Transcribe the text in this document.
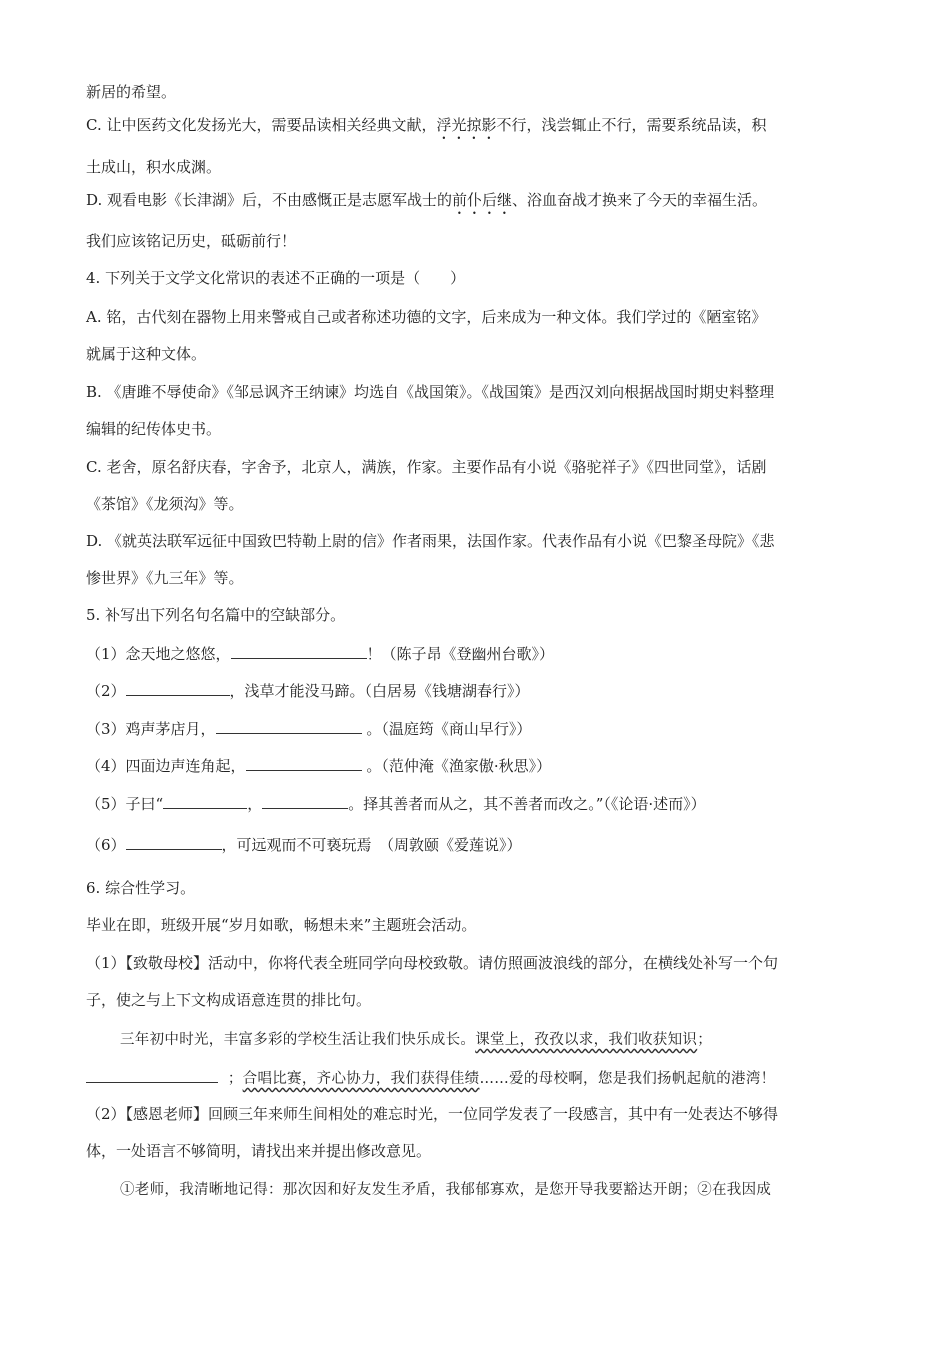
新居的希望。
C. 让中医药文化发扬光大，需要品读相关经典文献，浮光掠影不行，浅尝辄止不行，需要系统品读，积
土成山，积水成渊。
D. 观看电影《长津湖》后，不由感慨正是志愿军战士的前仆后继、浴血奋战才换来了今天的幸福生活。
我们应该铭记历史，砥砺前行！
4. 下列关于文学文化常识的表述不正确的一项是（　　）
A. 铭，古代刻在器物上用来警戒自己或者称述功德的文字，后来成为一种文体。我们学过的《陋室铭》
就属于这种文体。
B. 《唐雎不辱使命》《邹忌讽齐王纳谏》均选自《战国策》。《战国策》是西汉刘向根据战国时期史料整理
编辑的纪传体史书。
C. 老舍，原名舒庆春，字舍予，北京人，满族，作家。主要作品有小说《骆驼祥子》《四世同堂》，话剧
《茶馆》《龙须沟》等。
D. 《就英法联军远征中国致巴特勒上尉的信》作者雨果，法国作家。代表作品有小说《巴黎圣母院》《悲
惨世界》《九三年》等。
5. 补写出下列名句名篇中的空缺部分。
（1）念天地之悠悠，	！（陈子昂《登幽州台歌》）
（2）	，浅草才能没马蹄。（白居易《钱塘湖春行》）
（3）鸡声茅店月，	。（温庭筠《商山早行》）
（4）四面边声连角起，	。（范仲淹《渔家傲·秋思》）
（5）子曰“	，	。择其善者而从之，其不善者而改之。”（《论语·述而》）
（6）	，可远观而不可亵玩焉　（周敦颐《爱莲说》）
6. 综合性学习。
毕业在即，班级开展“岁月如歌，畅想未来”主题班会活动。
（1）【致敬母校】活动中，你将代表全班同学向母校致敬。请仿照画波浪线的部分，在横线处补写一个句
子，使之与上下文构成语意连贯的排比句。
三年初中时光，丰富多彩的学校生活让我们快乐成长。课堂上，孜孜以求，我们收获知识；
；合唱比赛，齐心协力，我们获得佳绩……爱的母校啊，您是我们扬帆起航的港湾！
（2）【感恩老师】回顾三年来师生间相处的难忘时光，一位同学发表了一段感言，其中有一处表达不够得
体，一处语言不够简明，请找出来并提出修改意见。
①老师，我清晰地记得：那次因和好友发生矛盾，我郁郁寡欢，是您开导我要豁达开朗；②在我因成
